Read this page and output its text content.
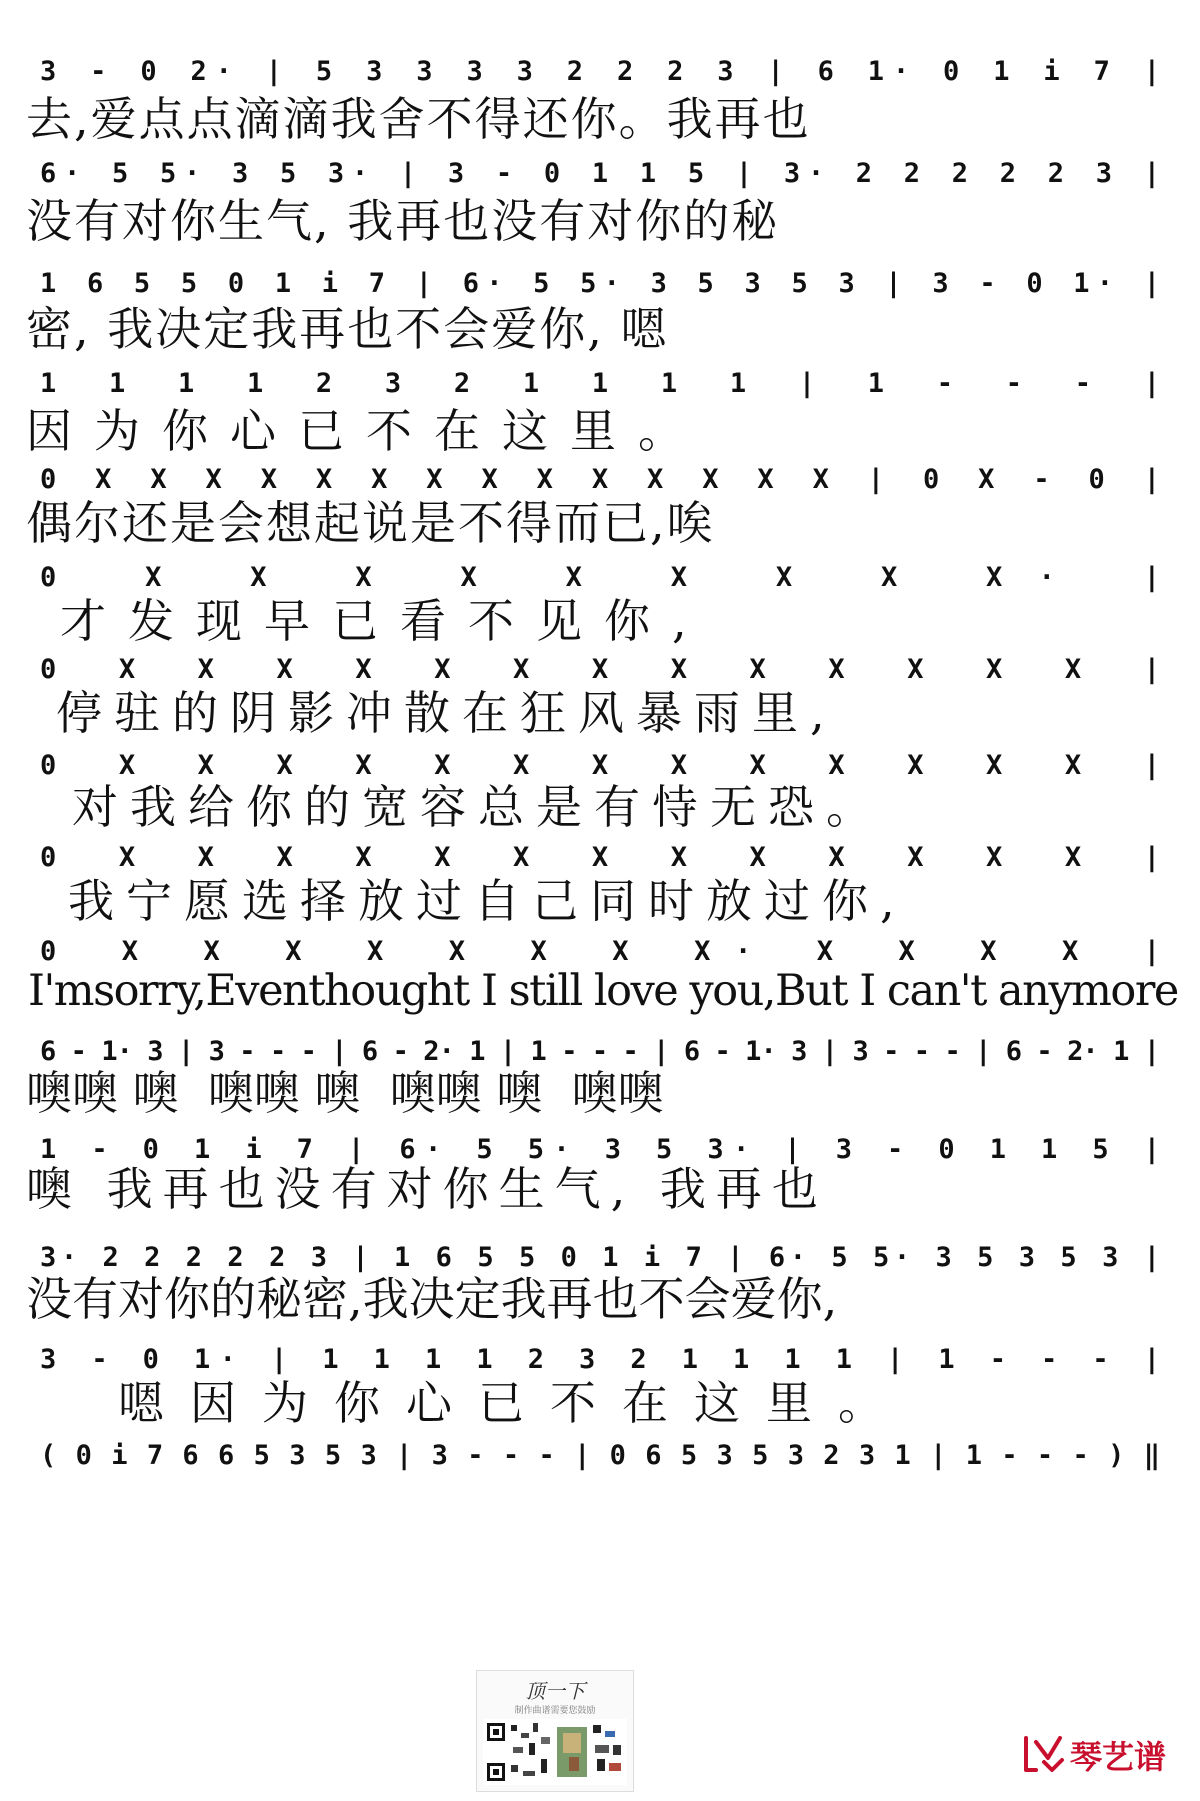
3 - 0 2· | 5 3 3 3 3 2 2 2 3 | 6 1· 0 1 i 7 |
去,爱点点滴滴我舍不得还你。我再也
6· 5 5· 3 5 3· | 3 - 0 1 1 5 | 3· 2 2 2 2 2 3 |
没有对你生气, 我再也没有对你的秘
1 6 5 5 0 1 i 7 | 6· 5 5· 3 5 3 5 3 | 3 - 0 1· |
密, 我决定我再也不会爱你, 嗯
1 1 1 1 2 3 2 1 1 1 1 | 1 - - - |
因为你心已不在这里。
0 X X X X X X X X X X X X X X | 0 X - 0 |
偶尔还是会想起说是不得而已,唉
0 X X X X X X X X X· |
才发现早已看不见你,
0 X X X X X X X X X X X X X |
停驻的阴影冲散在狂风暴雨里,
0 X X X X X X X X X X X X X |
对我给你的宽容总是有恃无恐。
0 X X X X X X X X X X X X X |
我宁愿选择放过自己同时放过你,
0 X X X X X X X X· X X X X |
I'msorry,Eventhought I still love you,But I can't anymore
6 - 1· 3 | 3 - - - | 6 - 2· 1 | 1 - - - | 6 - 1· 3 | 3 - - - | 6 - 2· 1 |
噢噢 噢  噢噢 噢  噢噢 噢  噢噢
1 - 0 1 i 7 | 6· 5 5· 3 5 3· | 3 - 0 1 1 5 |
噢 我再也没有对你生气, 我再也
3· 2 2 2 2 2 3 | 1 6 5 5 0 1 i 7 | 6· 5 5· 3 5 3 5 3 |
没有对你的秘密,我决定我再也不会爱你,
3 - 0 1· | 1 1 1 1 2 3 2 1 1 1 1 | 1 - - - |
嗯因为你心已不在这里。
( 0 i 7 6 6 5 3 5 3 | 3 - - - | 0 6 5 3 5 3 2 3 1 | 1 - - - ) ‖
顶一下
制作曲谱需要您鼓励
琴艺谱
